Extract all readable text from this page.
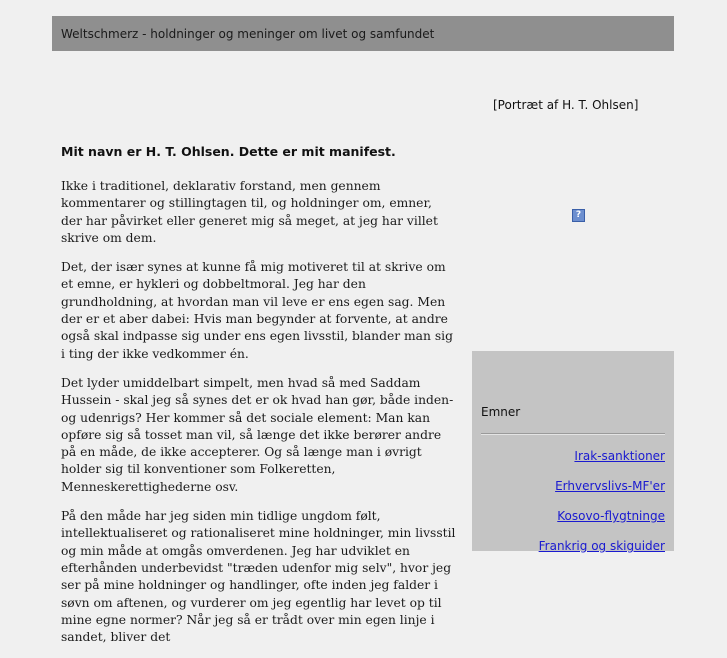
Weltschmerz - holdninger og meninger om livet og samfundet
[Portræt af H. T. Ohlsen]
?
Mit navn er H. T. Ohlsen. Dette er mit manifest.

Ikke i traditionel, deklarativ forstand, men gennem kommentarer og stillingtagen til, og holdninger om, emner, der har påvirket eller generet mig så meget, at jeg har villet skrive om dem.

Det, der især synes at kunne få mig motiveret til at skrive om et emne, er hykleri og dobbeltmoral. Jeg har den grundholdning, at hvordan man vil leve er ens egen sag. Men der er et aber dabei: Hvis man begynder at forvente, at andre også skal indpasse sig under ens egen livsstil, blander man sig i ting der ikke vedkommer én.

Det lyder umiddelbart simpelt, men hvad så med Saddam Hussein - skal jeg så synes det er ok hvad han gør, både inden- og udenrigs? Her kommer så det sociale element: Man kan opføre sig så tosset man vil, så længe det ikke berører andre på en måde, de ikke accepterer. Og så længe man i øvrigt holder sig til konventioner som Folkeretten, Menneskerettighederne osv.

På den måde har jeg siden min tidlige ungdom følt, intellektualiseret og rationaliseret mine holdninger, min livsstil og min måde at omgås omverdenen. Jeg har udviklet en efterhånden underbevidst "træden udenfor mig selv", hvor jeg ser på mine holdninger og handlinger, ofte inden jeg falder i søvn om aftenen, og vurderer om jeg egentlig har levet op til mine egne normer? Når jeg så er trådt over min egen linje i sandet, bliver det

Emner
Irak-sanktioner
Erhvervslivs-MF'er
Kosovo-flygtninge
Frankrig og skiguider
